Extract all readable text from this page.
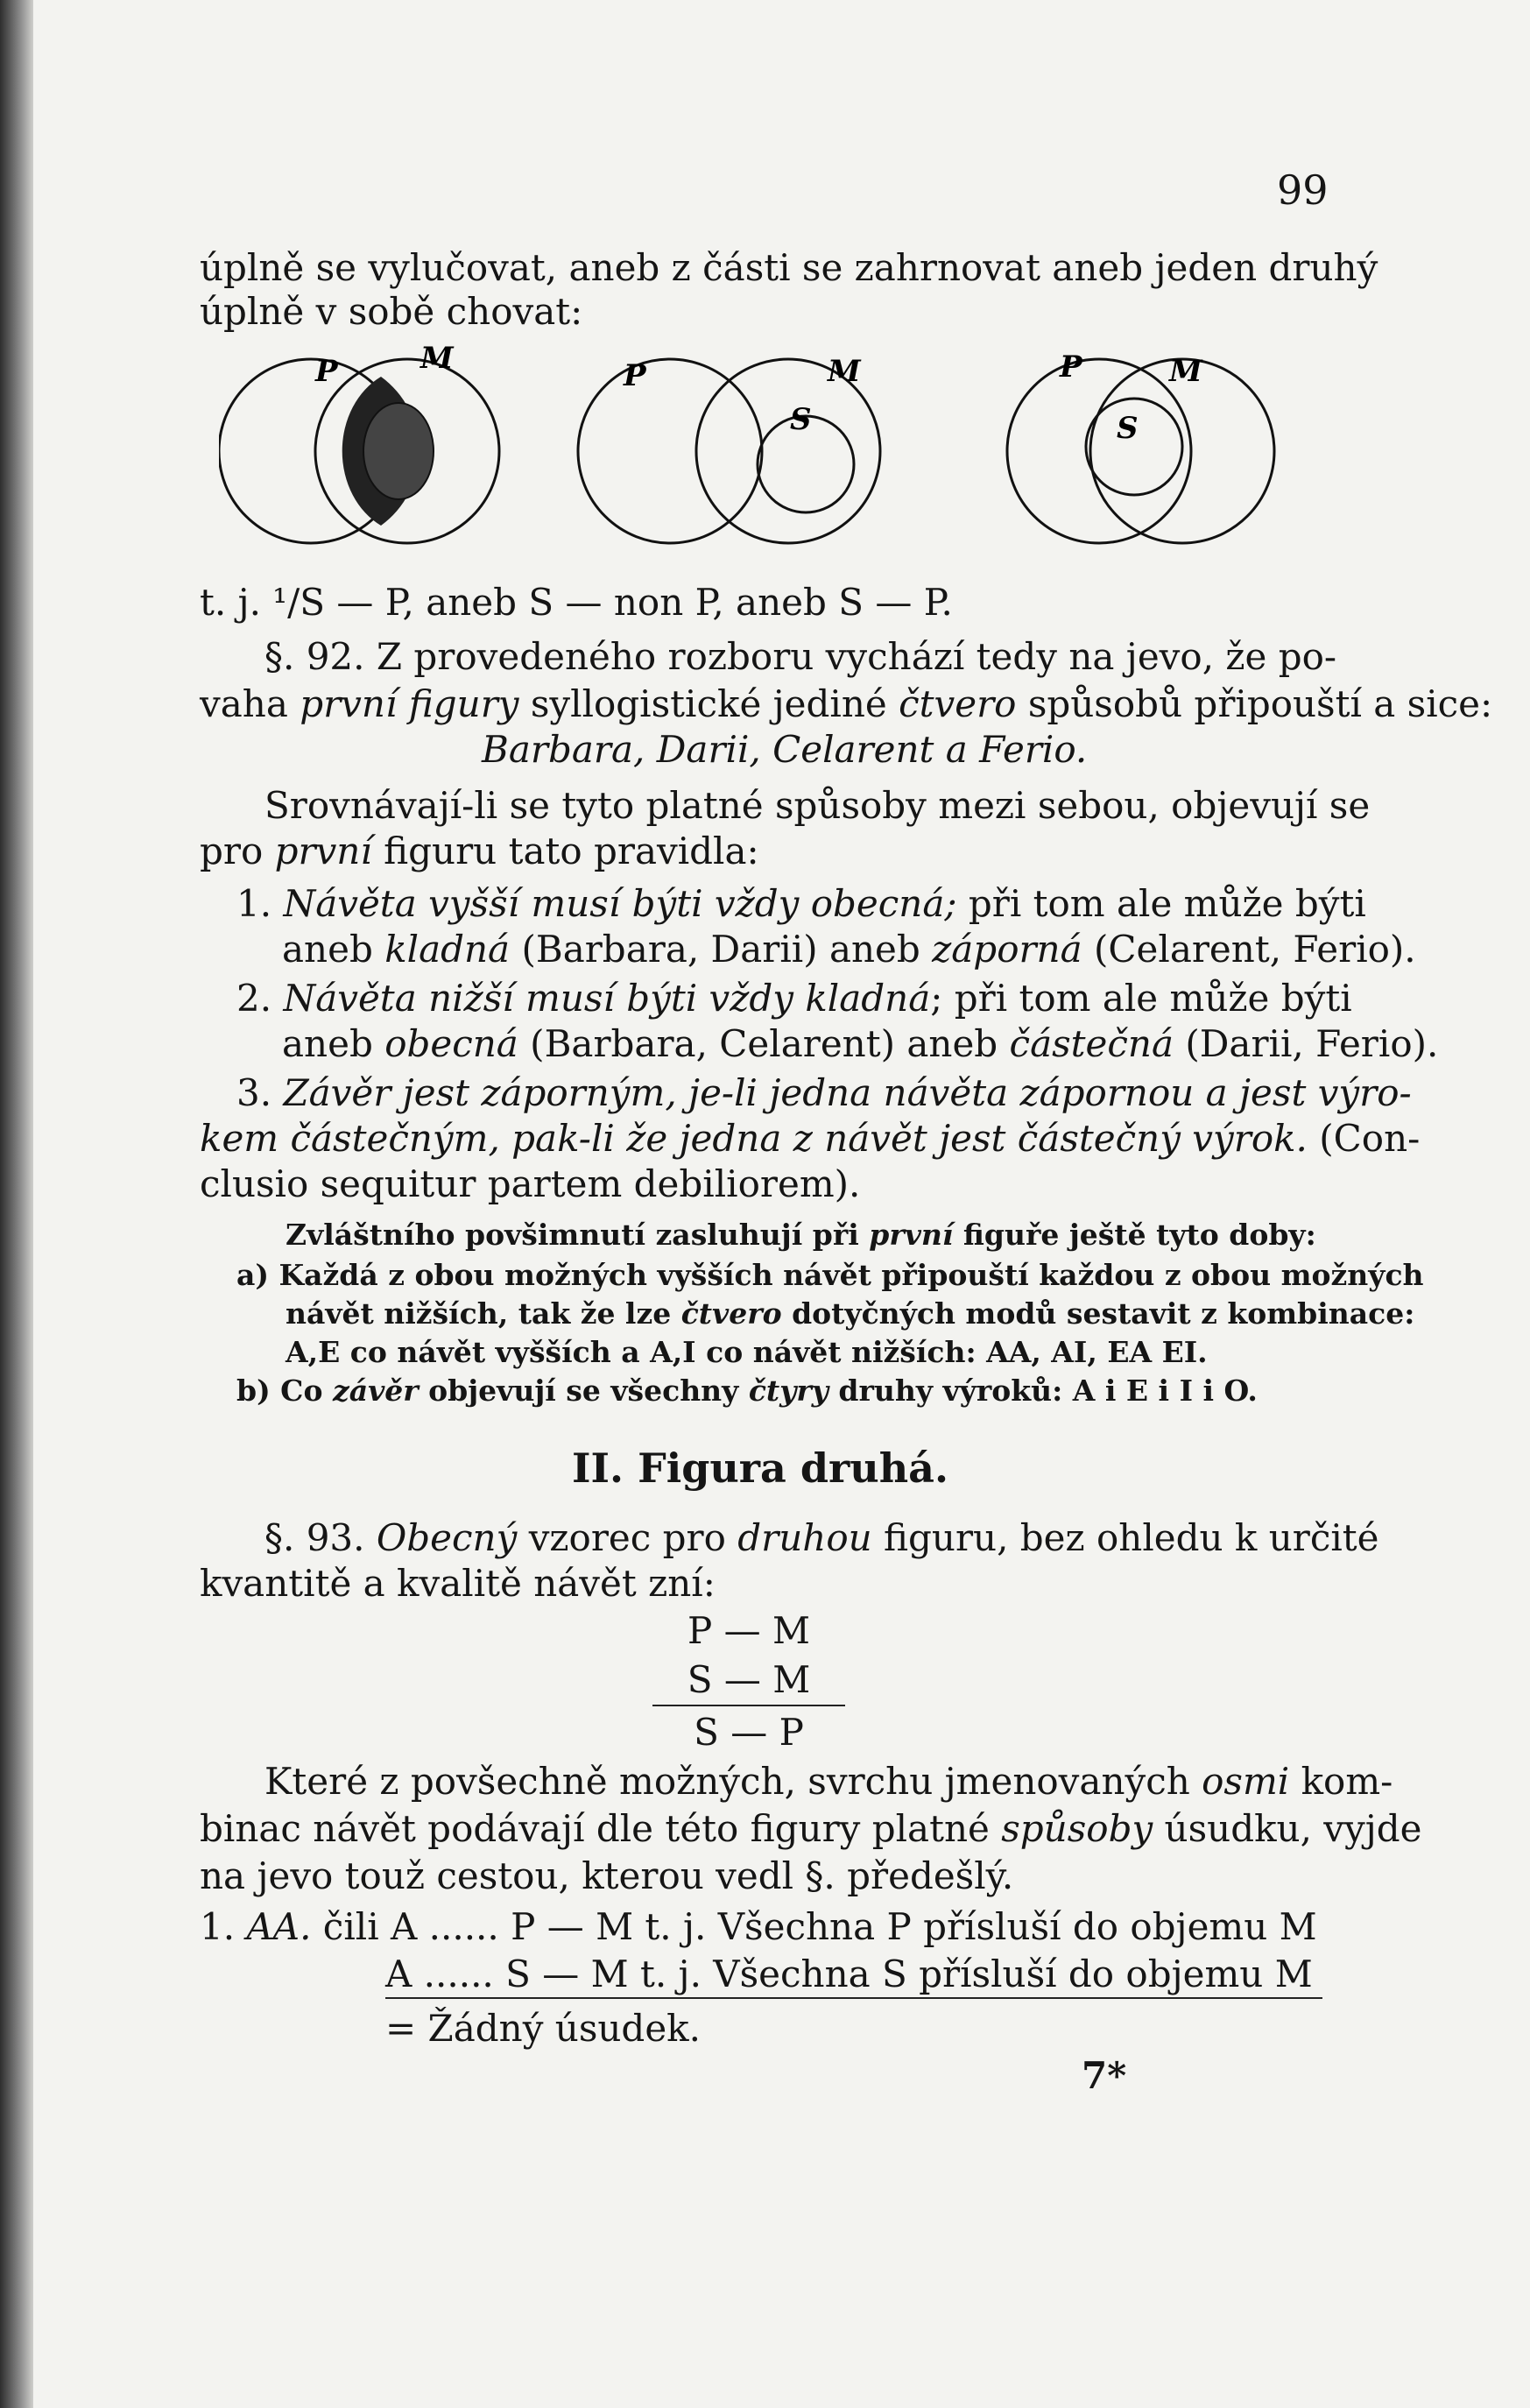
99
úplně se vylučovat, aneb z části se zahrnovat aneb jeden druhý
úplně v sobě chovat:
P	M	P	M
S
P	M
S
t. j. ¹/S — P, aneb S — non P, aneb S — P.
§. 92. Z provedeného rozboru vychází tedy na jevo, že po-
vaha první figury syllogistické jediné čtvero spůsobů připouští a sice:
Barbara, Darii, Celarent a Ferio.
Srovnávají-li se tyto platné spůsoby mezi sebou, objevují se
pro první figuru tato pravidla:
1. Návěta vyšší musí býti vždy obecná; při tom ale může býti
aneb kladná (Barbara, Darii) aneb záporná (Celarent, Ferio).
2. Návěta nižší musí býti vždy kladná; při tom ale může býti
aneb obecná (Barbara, Celarent) aneb částečná (Darii, Ferio).
3. Závěr jest záporným, je-li jedna návěta zápornou a jest výro-
kem částečným, pak-li že jedna z návět jest částečný výrok. (Con-
clusio sequitur partem debiliorem).
Zvláštního povšimnutí zasluhují při první figuře ještě tyto doby:
a) Každá z obou možných vyšších návět připouští každou z obou možných
návět nižších, tak že lze čtvero dotyčných modů sestavit z kombinace:
A,E co návět vyšších a A,I co návět nižších: AA, AI, EA EI.
b) Co závěr objevují se všechny čtyry druhy výroků: A i E i I i O.
II. Figura druhá.
§. 93. Obecný vzorec pro druhou figuru, bez ohledu k určité
kvantitě a kvalitě návět zní:
P — M
S — M
S — P
Které z povšechně možných, svrchu jmenovaných osmi kom-
binac návět podávají dle této figury platné spůsoby úsudku, vyjde
na jevo touž cestou, kterou vedl §. předešlý.
1. AA. čili A ...... P — M t. j. Všechna P přísluší do objemu M
A ...... S — M t. j. Všechna S přísluší do objemu M
= Žádný úsudek.
7*
